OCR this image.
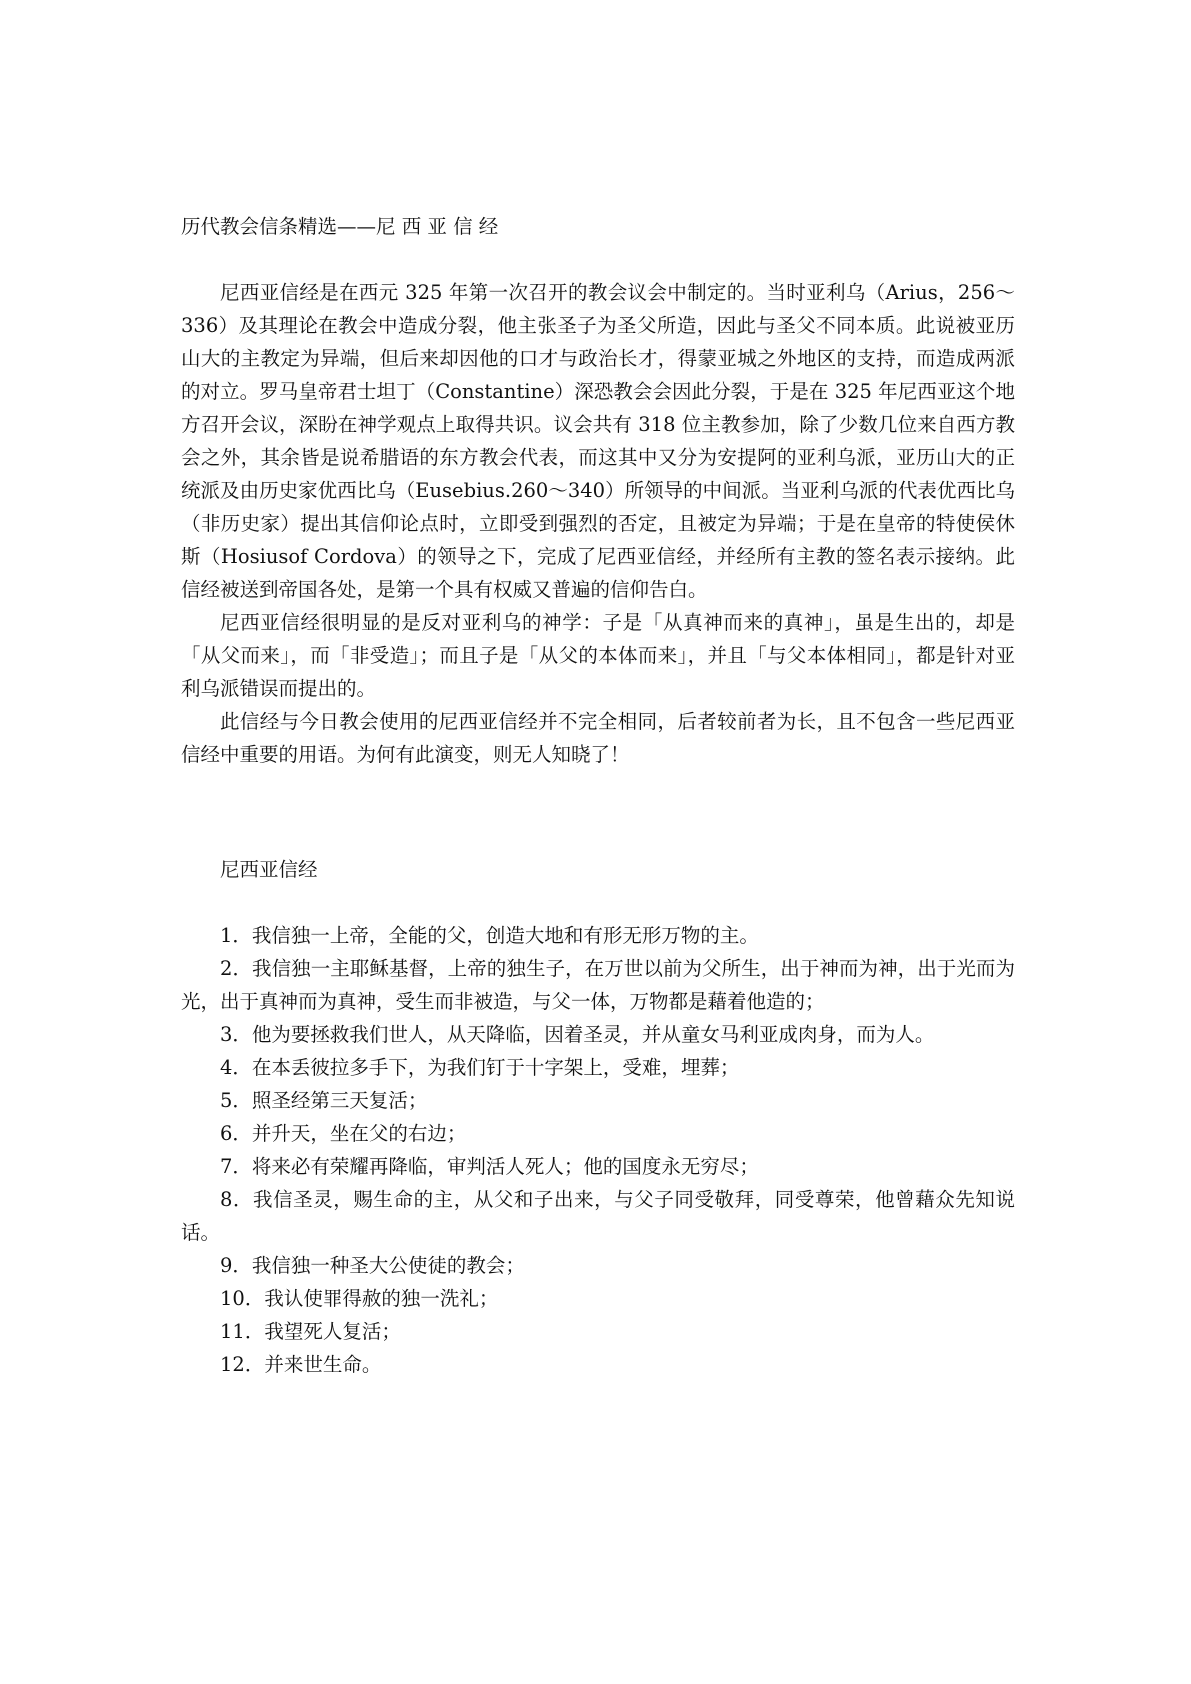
历代教会信条精选——尼 西 亚 信 经

尼西亚信经是在西元 325 年第一次召开的教会议会中制定的。当时亚利乌（Arius，256～336）及其理论在教会中造成分裂，他主张圣子为圣父所造，因此与圣父不同本质。此说被亚历山大的主教定为异端，但后来却因他的口才与政治长才，得蒙亚城之外地区的支持，而造成两派的对立。罗马皇帝君士坦丁（Constantine）深恐教会会因此分裂，于是在 325 年尼西亚这个地方召开会议，深盼在神学观点上取得共识。议会共有 318 位主教参加，除了少数几位来自西方教会之外，其余皆是说希腊语的东方教会代表，而这其中又分为安提阿的亚利乌派，亚历山大的正统派及由历史家优西比乌（Eusebius.260～340）所领导的中间派。当亚利乌派的代表优西比乌（非历史家）提出其信仰论点时，立即受到强烈的否定，且被定为异端；于是在皇帝的特使侯休斯（Hosiusof Cordova）的领导之下，完成了尼西亚信经，并经所有主教的签名表示接纳。此信经被送到帝国各处，是第一个具有权威又普遍的信仰告白。

尼西亚信经很明显的是反对亚利乌的神学：子是「从真神而来的真神」，虽是生出的，却是「从父而来」，而「非受造」；而且子是「从父的本体而来」，并且「与父本体相同」，都是针对亚利乌派错误而提出的。

此信经与今日教会使用的尼西亚信经并不完全相同，后者较前者为长，且不包含一些尼西亚信经中重要的用语。为何有此演变，则无人知晓了！

尼西亚信经

1．我信独一上帝，全能的父，创造大地和有形无形万物的主。

2．我信独一主耶稣基督，上帝的独生子，在万世以前为父所生，出于神而为神，出于光而为光，出于真神而为真神，受生而非被造，与父一体，万物都是藉着他造的；

3．他为要拯救我们世人，从天降临，因着圣灵，并从童女马利亚成肉身，而为人。

4．在本丢彼拉多手下，为我们钉于十字架上，受难，埋葬；

5．照圣经第三天复活；

6．并升天，坐在父的右边；

7．将来必有荣耀再降临，审判活人死人；他的国度永无穷尽；

8．我信圣灵，赐生命的主，从父和子出来，与父子同受敬拜，同受尊荣，他曾藉众先知说话。

9．我信独一种圣大公使徒的教会；

10．我认使罪得赦的独一洗礼；

11．我望死人复活；

12．并来世生命。
